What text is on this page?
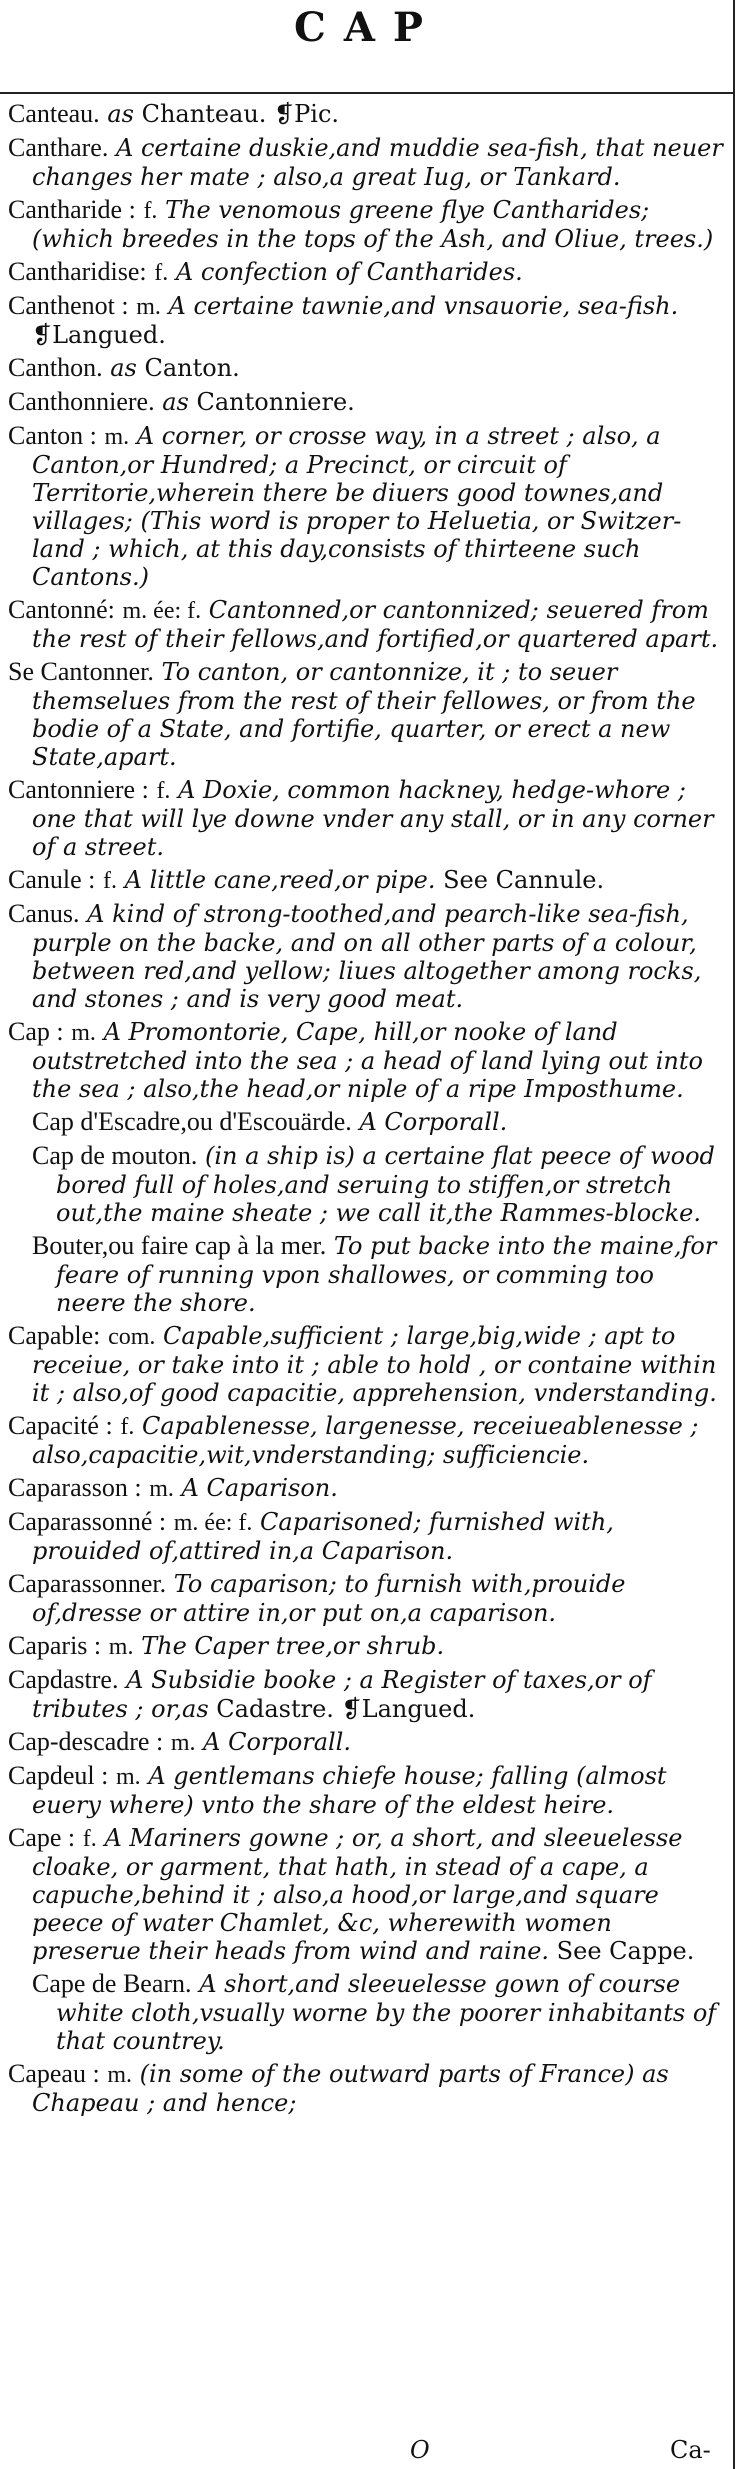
CAP

Canteau. as Chanteau. ❡Pic.

Canthare. A certaine duskie,and muddie sea-fish, that neuer changes her mate ; also,a great Iug, or Tankard.

Cantharide : f. The venomous greene flye Cantharides; (which breedes in the tops of the Ash, and Oliue, trees.)

Cantharidise: f. A confection of Cantharides.

Canthenot : m. A certaine tawnie,and vnsauorie, sea-fish. ❡Langued.

Canthon. as Canton.

Canthonniere. as Cantonniere.

Canton : m. A corner, or crosse way, in a street ; also, a Canton,or Hundred; a Precinct, or circuit of Territorie,wherein there be diuers good townes,and villages; (This word is proper to Heluetia, or Switzer-land ; which, at this day,consists of thirteene such Cantons.)

Cantonné: m. ée: f. Cantonned,or cantonnized; seuered from the rest of their fellows,and fortified,or quartered apart.

Se Cantonner. To canton, or cantonnize, it ; to seuer themselues from the rest of their fellowes, or from the bodie of a State, and fortifie, quarter, or erect a new State,apart.

Cantonniere : f. A Doxie, common hackney, hedge-whore ; one that will lye downe vnder any stall, or in any corner of a street.

Canule : f. A little cane,reed,or pipe. See Cannule.

Canus. A kind of strong-toothed,and pearch-like sea-fish, purple on the backe, and on all other parts of a colour, between red,and yellow; liues altogether among rocks, and stones ; and is very good meat.

Cap : m. A Promontorie, Cape, hill,or nooke of land outstretched into the sea ; a head of land lying out into the sea ; also,the head,or niple of a ripe Imposthume.

Cap d'Escadre,ou d'Escouärde. A Corporall.

Cap de mouton. (in a ship is) a certaine flat peece of wood bored full of holes,and seruing to stiffen,or stretch out,the maine sheate ; we call it,the Rammes-blocke.

Bouter,ou faire cap à la mer. To put backe into the maine,for feare of running vpon shallowes, or comming too neere the shore.

Capable: com. Capable,sufficient ; large,big,wide ; apt to receiue, or take into it ; able to hold , or containe within it ; also,of good capacitie, apprehension, vnderstanding.

Capacité : f. Capablenesse, largenesse, receiueablenesse ; also,capacitie,wit,vnderstanding; sufficiencie.

Caparasson : m. A Caparison.

Caparassonné : m. ée: f. Caparisoned; furnished with, prouided of,attired in,a Caparison.

Caparassonner. To caparison; to furnish with,prouide of,dresse or attire in,or put on,a caparison.

Caparis : m. The Caper tree,or shrub.

Capdastre. A Subsidie booke ; a Register of taxes,or of tributes ; or,as Cadastre. ❡Langued.

Cap-descadre : m. A Corporall.

Capdeul : m. A gentlemans chiefe house; falling (almost euery where) vnto the share of the eldest heire.

Cape : f. A Mariners gowne ; or, a short, and sleeuelesse cloake, or garment, that hath, in stead of a cape, a capuche,behind it ; also,a hood,or large,and square peece of water Chamlet, &c, wherewith women preserue their heads from wind and raine. See Cappe.

Cape de Bearn. A short,and sleeuelesse gown of course white cloth,vsually worne by the poorer inhabitants of that countrey.

Capeau : m. (in some of the outward parts of France) as Chapeau ; and hence;

O	Ca-
